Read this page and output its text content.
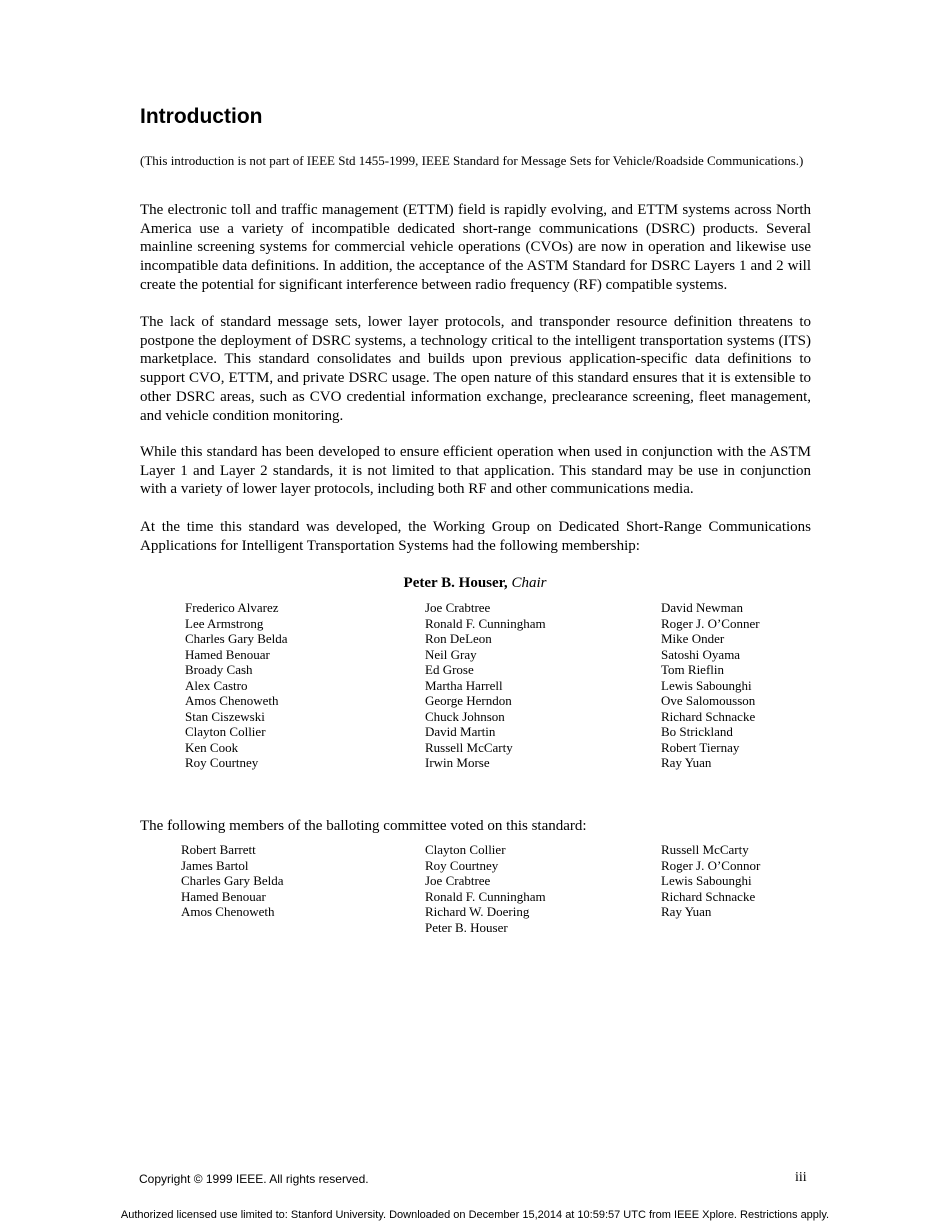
Introduction
(This introduction is not part of IEEE Std 1455-1999, IEEE Standard for Message Sets for Vehicle/Roadside Communications.)
The electronic toll and traffic management (ETTM) field is rapidly evolving, and ETTM systems across North America use a variety of incompatible dedicated short-range communications (DSRC) products. Several mainline screening systems for commercial vehicle operations (CVOs) are now in operation and likewise use incompatible data definitions. In addition, the acceptance of the ASTM Standard for DSRC Layers 1 and 2 will create the potential for significant interference between radio frequency (RF) compatible systems.
The lack of standard message sets, lower layer protocols, and transponder resource definition threatens to postpone the deployment of DSRC systems, a technology critical to the intelligent transportation systems (ITS) marketplace. This standard consolidates and builds upon previous application-specific data definitions to support CVO, ETTM, and private DSRC usage. The open nature of this standard ensures that it is extensible to other DSRC areas, such as CVO credential information exchange, preclearance screening, fleet management, and vehicle condition monitoring.
While this standard has been developed to ensure efficient operation when used in conjunction with the ASTM Layer 1 and Layer 2 standards, it is not limited to that application. This standard may be use in conjunction with a variety of lower layer protocols, including both RF and other communications media.
At the time this standard was developed, the Working Group on Dedicated Short-Range Communications Applications for Intelligent Transportation Systems had the following membership:
Peter B. Houser, Chair
Frederico Alvarez
Lee Armstrong
Charles Gary Belda
Hamed Benouar
Broady Cash
Alex Castro
Amos Chenoweth
Stan Ciszewski
Clayton Collier
Ken Cook
Roy Courtney
Joe Crabtree
Ronald F. Cunningham
Ron DeLeon
Neil Gray
Ed Grose
Martha Harrell
George Herndon
Chuck Johnson
David Martin
Russell McCarty
Irwin Morse
David Newman
Roger J. O’Conner
Mike Onder
Satoshi Oyama
Tom Rieflin
Lewis Sabounghi
Ove Salomousson
Richard Schnacke
Bo Strickland
Robert Tiernay
Ray Yuan
The following members of the balloting committee voted on this standard:
Robert Barrett
James Bartol
Charles Gary Belda
Hamed Benouar
Amos Chenoweth
Clayton Collier
Roy Courtney
Joe Crabtree
Ronald F. Cunningham
Richard W. Doering
Peter B. Houser
Russell McCarty
Roger J. O’Connor
Lewis Sabounghi
Richard Schnacke
Ray Yuan
Copyright © 1999 IEEE. All rights reserved.	iii
Authorized licensed use limited to: Stanford University. Downloaded on December 15,2014 at 10:59:57 UTC from IEEE Xplore. Restrictions apply.
